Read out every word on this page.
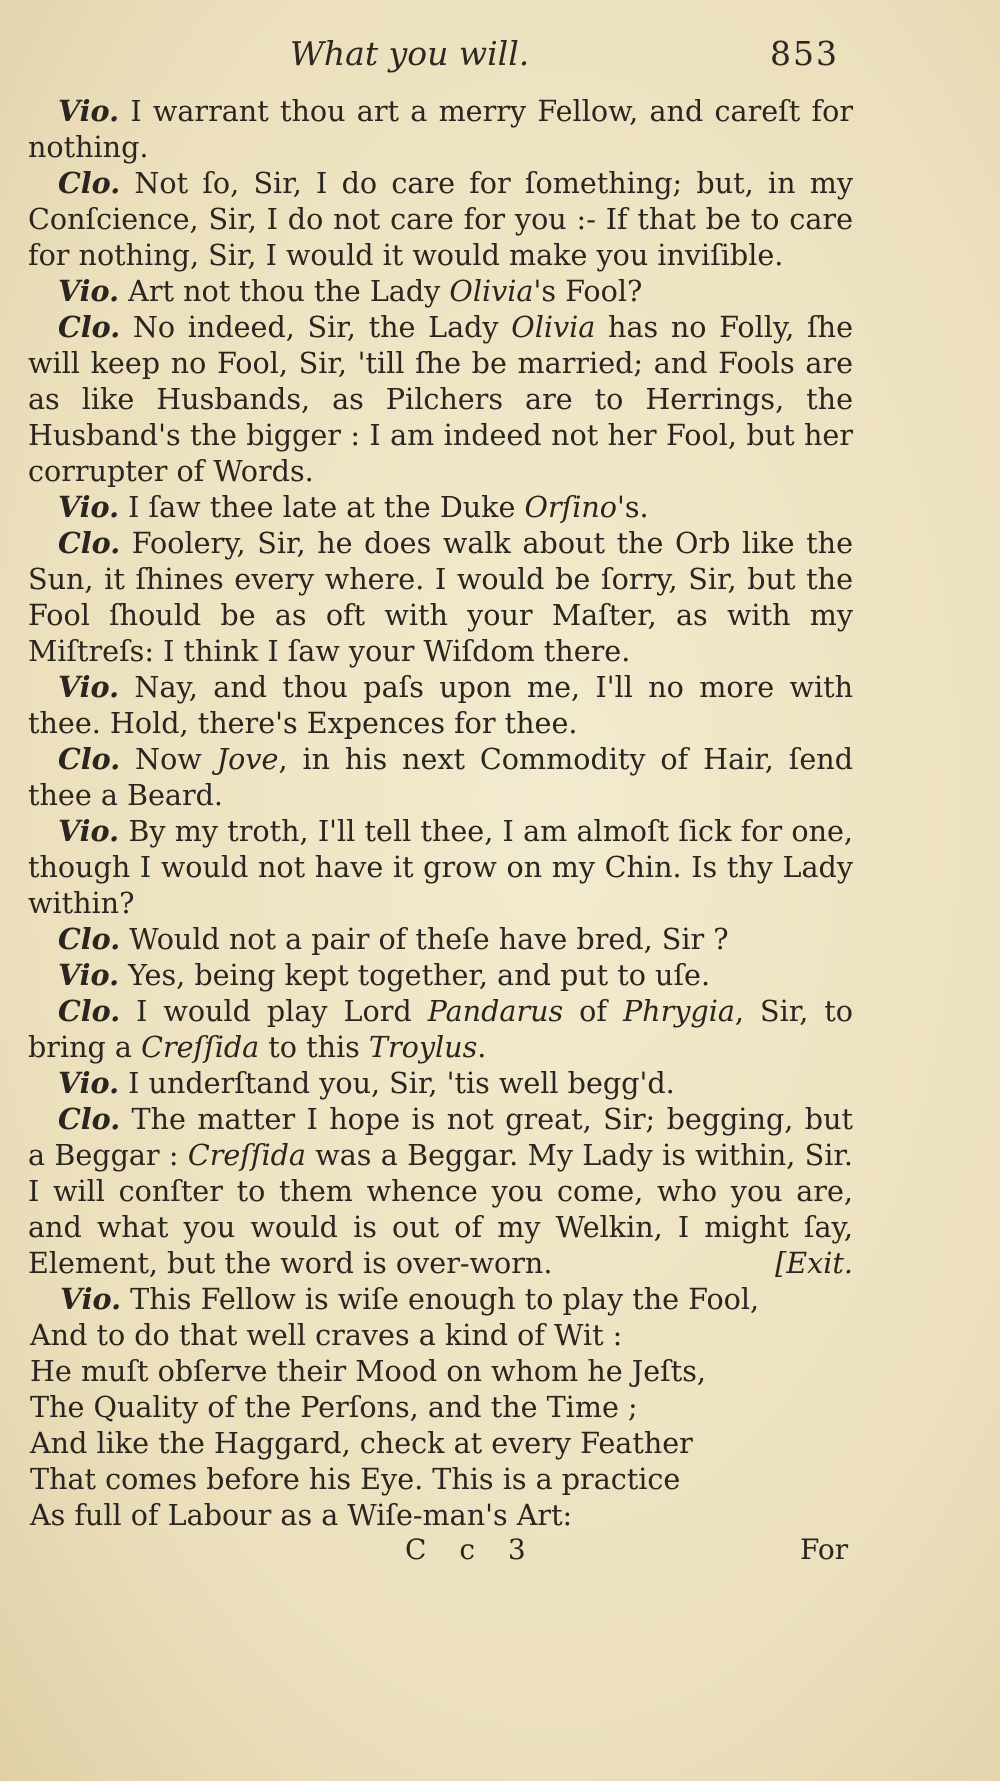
What you will.	853

Vio. I warrant thou art a merry Fellow, and careſt for nothing.

Clo. Not ſo, Sir, I do care for ſomething; but, in my Conſcience, Sir, I do not care for you :- If that be to care for nothing, Sir, I would it would make you inviſible.

Vio. Art not thou the Lady Olivia's Fool?

Clo. No indeed, Sir, the Lady Olivia has no Folly, ſhe will keep no Fool, Sir, 'till ſhe be married; and Fools are as like Husbands, as Pilchers are to Herrings, the Husband's the bigger : I am indeed not her Fool, but her corrupter of Words.

Vio. I ſaw thee late at the Duke Orſino's.

Clo. Foolery, Sir, he does walk about the Orb like the Sun, it ſhines every where. I would be ſorry, Sir, but the Fool ſhould be as oft with your Maſter, as with my Miſtreſs: I think I ſaw your Wiſdom there.

Vio. Nay, and thou paſs upon me, I'll no more with thee. Hold, there's Expences for thee.

Clo. Now Jove, in his next Commodity of Hair, ſend thee a Beard.

Vio. By my troth, I'll tell thee, I am almoſt ſick for one, though I would not have it grow on my Chin. Is thy Lady within?

Clo. Would not a pair of theſe have bred, Sir ?

Vio. Yes, being kept together, and put to uſe.

Clo. I would play Lord Pandarus of Phrygia, Sir, to bring a Creſſida to this Troylus.

Vio. I underſtand you, Sir, 'tis well begg'd.

Clo. The matter I hope is not great, Sir; begging, but a Beggar : Creſſida was a Beggar. My Lady is within, Sir. I will conſter to them whence you come, who you are, and what you would is out of my Welkin, I might ſay, Element, but the word is over-worn.	[Exit.

Vio. This Fellow is wiſe enough to play the Fool,

And to do that well craves a kind of Wit :

He muſt obſerve their Mood on whom he Jeſts,

The Quality of the Perſons, and the Time ;

And like the Haggard, check at every Feather

That comes before his Eye. This is a practice

As full of Labour as a Wiſe-man's Art:

C c 3	For
